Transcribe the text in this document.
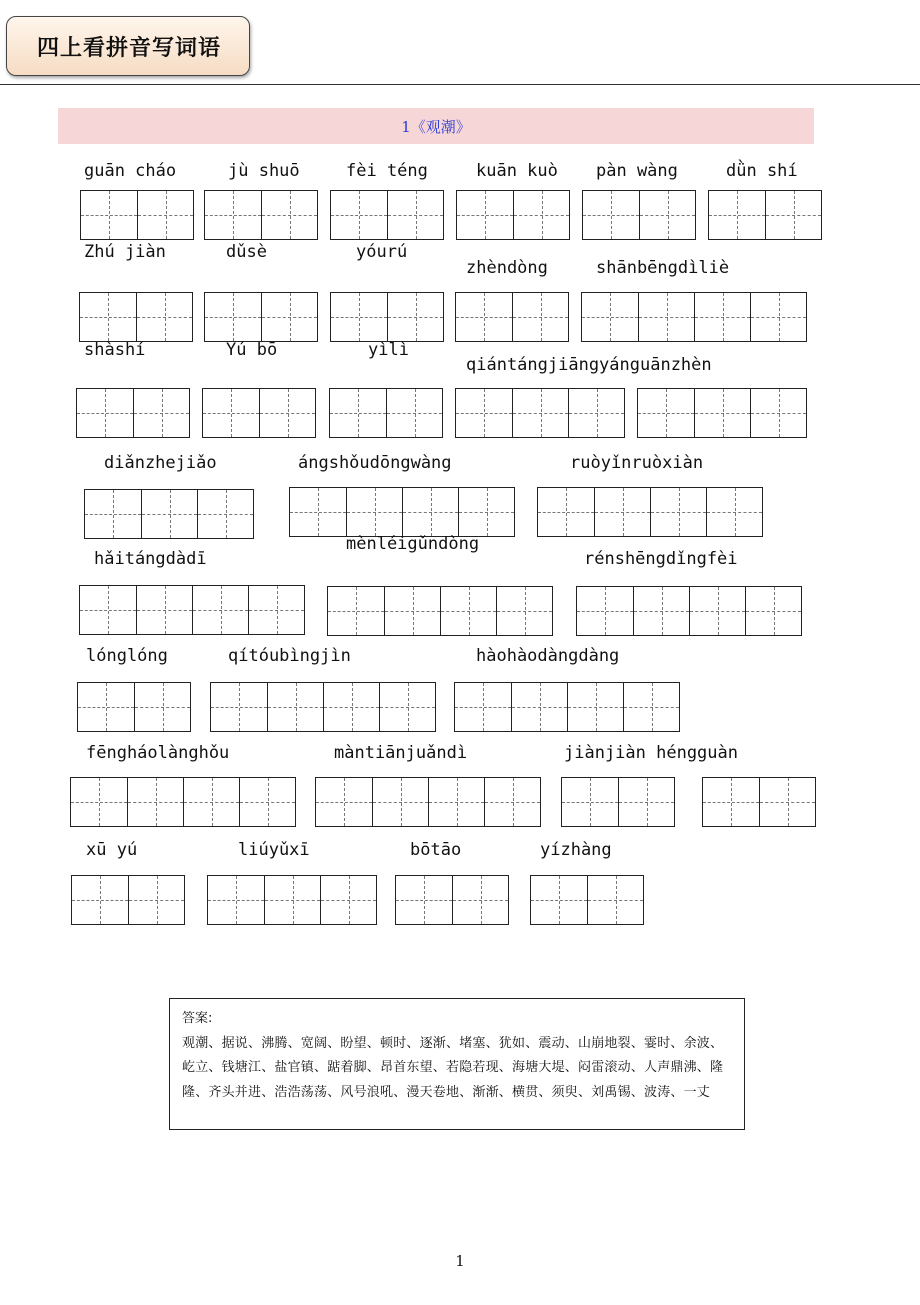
四上看拼音写词语
1《观潮》
guān cháo	jù shuō	fèi téng	kuān kuò pàn wàng	dǜn shí
Zhú jiàn	dǔsè	yóurú
zhèndòng	shānbēngdìliè
shàshí	Yú bō	yìlì
qiántángjiāngyánguānzhèn
diǎnzhejiǎo	ángshǒudōngwàng	ruòyǐnruòxiàn
hǎitángdàdī
mènléigǔndòng
rénshēngdǐngfèi
lónglóng	qítóubìngjìn	hàohàodàngdàng
fēngháolànghǒu	màntiānjuǎndì	jiànjiàn héngguàn
xū yú	liúyǔxī	bōtāo	yízhàng
答案:
观潮、据说、沸腾、宽阔、盼望、顿时、逐渐、堵塞、犹如、震动、山崩地裂、霎时、余波、屹立、钱塘江、盐官镇、踮着脚、昂首东望、若隐若现、海塘大堤、闷雷滚动、人声鼎沸、隆隆、齐头并进、浩浩荡荡、风号浪吼、漫天卷地、渐渐、横贯、须臾、刘禹锡、波涛、一丈
1
